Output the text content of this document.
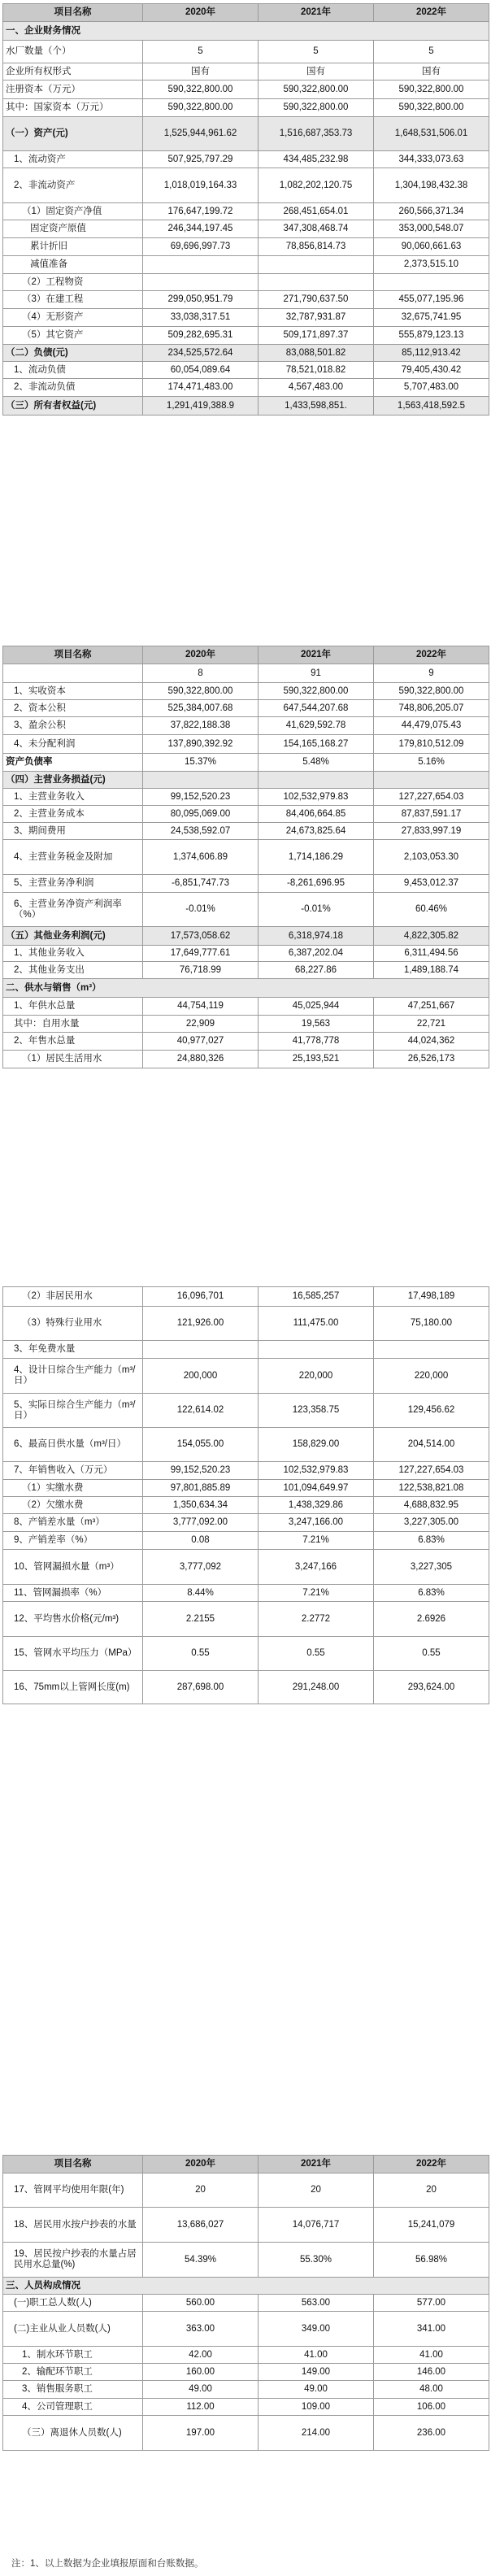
项目名称	2020年	2021年	2022年
一、企业财务情况			
水厂数量（个）	5	5	5
企业所有权形式	国有	国有	国有
注册资本（万元）	590,322,800.00	590,322,800.00	590,322,800.00
其中：国家资本（万元）	590,322,800.00	590,322,800.00	590,322,800.00
（一）资产(元)	1,525,944,961.62	1,516,687,353.73	1,648,531,506.01
1、流动资产	507,925,797.29	434,485,232.98	344,333,073.63
2、非流动资产	1,018,019,164.33	1,082,202,120.75	1,304,198,432.38
（1）固定资产净值	176,647,199.72	268,451,654.01	260,566,371.34
固定资产原值	246,344,197.45	347,308,468.74	353,000,548.07
累计折旧	69,696,997.73	78,856,814.73	90,060,661.63
减值准备			2,373,515.10
（2）工程物资			
（3）在建工程	299,050,951.79	271,790,637.50	455,077,195.96
（4）无形资产	33,038,317.51	32,787,931.87	32,675,741.95
（5）其它资产	509,282,695.31	509,171,897.37	555,879,123.13
（二）负债(元)	234,525,572.64	83,088,501.82	85,112,913.42
1、流动负债	60,054,089.64	78,521,018.82	79,405,430.42
2、非流动负债	174,471,483.00	4,567,483.00	5,707,483.00
（三）所有者权益(元)	1,291,419,388.9	1,433,598,851.	1,563,418,592.5
项目名称	2020年	2021年	2022年
	8	91	9
1、实收资本	590,322,800.00	590,322,800.00	590,322,800.00
2、资本公积	525,384,007.68	647,544,207.68	748,806,205.07
3、盈余公积	37,822,188.38	41,629,592.78	44,479,075.43
4、未分配利润	137,890,392.92	154,165,168.27	179,810,512.09
资产负债率	15.37%	5.48%	5.16%
（四）主营业务损益(元)			
1、主营业务收入	99,152,520.23	102,532,979.83	127,227,654.03
2、主营业务成本	80,095,069.00	84,406,664.85	87,837,591.17
3、期间费用	24,538,592.07	24,673,825.64	27,833,997.19
4、主营业务税金及附加	1,374,606.89	1,714,186.29	2,103,053.30
5、主营业务净利润	-6,851,747.73	-8,261,696.95	9,453,012.37
6、主营业务净资产利润率（%）	-0.01%	-0.01%	60.46%
（五）其他业务利润(元)	17,573,058.62	6,318,974.18	4,822,305.82
1、其他业务收入	17,649,777.61	6,387,202.04	6,311,494.56
2、其他业务支出	76,718.99	68,227.86	1,489,188.74
二、供水与销售（m³）			
1、年供水总量	44,754,119	45,025,944	47,251,667
其中：自用水量	22,909	19,563	22,721
2、年售水总量	40,977,027	41,778,778	44,024,362
（1）居民生活用水	24,880,326	25,193,521	26,526,173
（2）非居民用水	16,096,701	16,585,257	17,498,189
（3）特殊行业用水	121,926.00	111,475.00	75,180.00
3、年免费水量			
4、设计日综合生产能力（m³/日）	200,000	220,000	220,000
5、实际日综合生产能力（m³/日）	122,614.02	123,358.75	129,456.62
6、最高日供水量（m³/日）	154,055.00	158,829.00	204,514.00
7、年销售收入（万元）	99,152,520.23	102,532,979.83	127,227,654.03
（1）实缴水费	97,801,885.89	101,094,649.97	122,538,821.08
（2）欠缴水费	1,350,634.34	1,438,329.86	4,688,832.95
8、产销差水量（m³）	3,777,092.00	3,247,166.00	3,227,305.00
9、产销差率（%）	0.08	7.21%	6.83%
10、管网漏损水量（m³）	3,777,092	3,247,166	3,227,305
11、管网漏损率（%）	8.44%	7.21%	6.83%
12、平均售水价格(元/m³)	2.2155	2.2772	2.6926
15、管网水平均压力（MPa）	0.55	0.55	0.55
16、75mm以上管网长度(m)	287,698.00	291,248.00	293,624.00
项目名称	2020年	2021年	2022年
17、管网平均使用年限(年)	20	20	20
18、居民用水按户抄表的水量	13,686,027	14,076,717	15,241,079
19、居民按户抄表的水量占居民用水总量(%)	54.39%	55.30%	56.98%
三、人员构成情况			
(一)职工总人数(人)	560.00	563.00	577.00
(二)主业从业人员数(人)	363.00	349.00	341.00
1、制水环节职工	42.00	41.00	41.00
2、输配环节职工	160.00	149.00	146.00
3、销售服务职工	49.00	49.00	48.00
4、公司管理职工	112.00	109.00	106.00
（三）离退休人员数(人)	197.00	214.00	236.00
注：1、以上数据为企业填报原面和台账数据。
